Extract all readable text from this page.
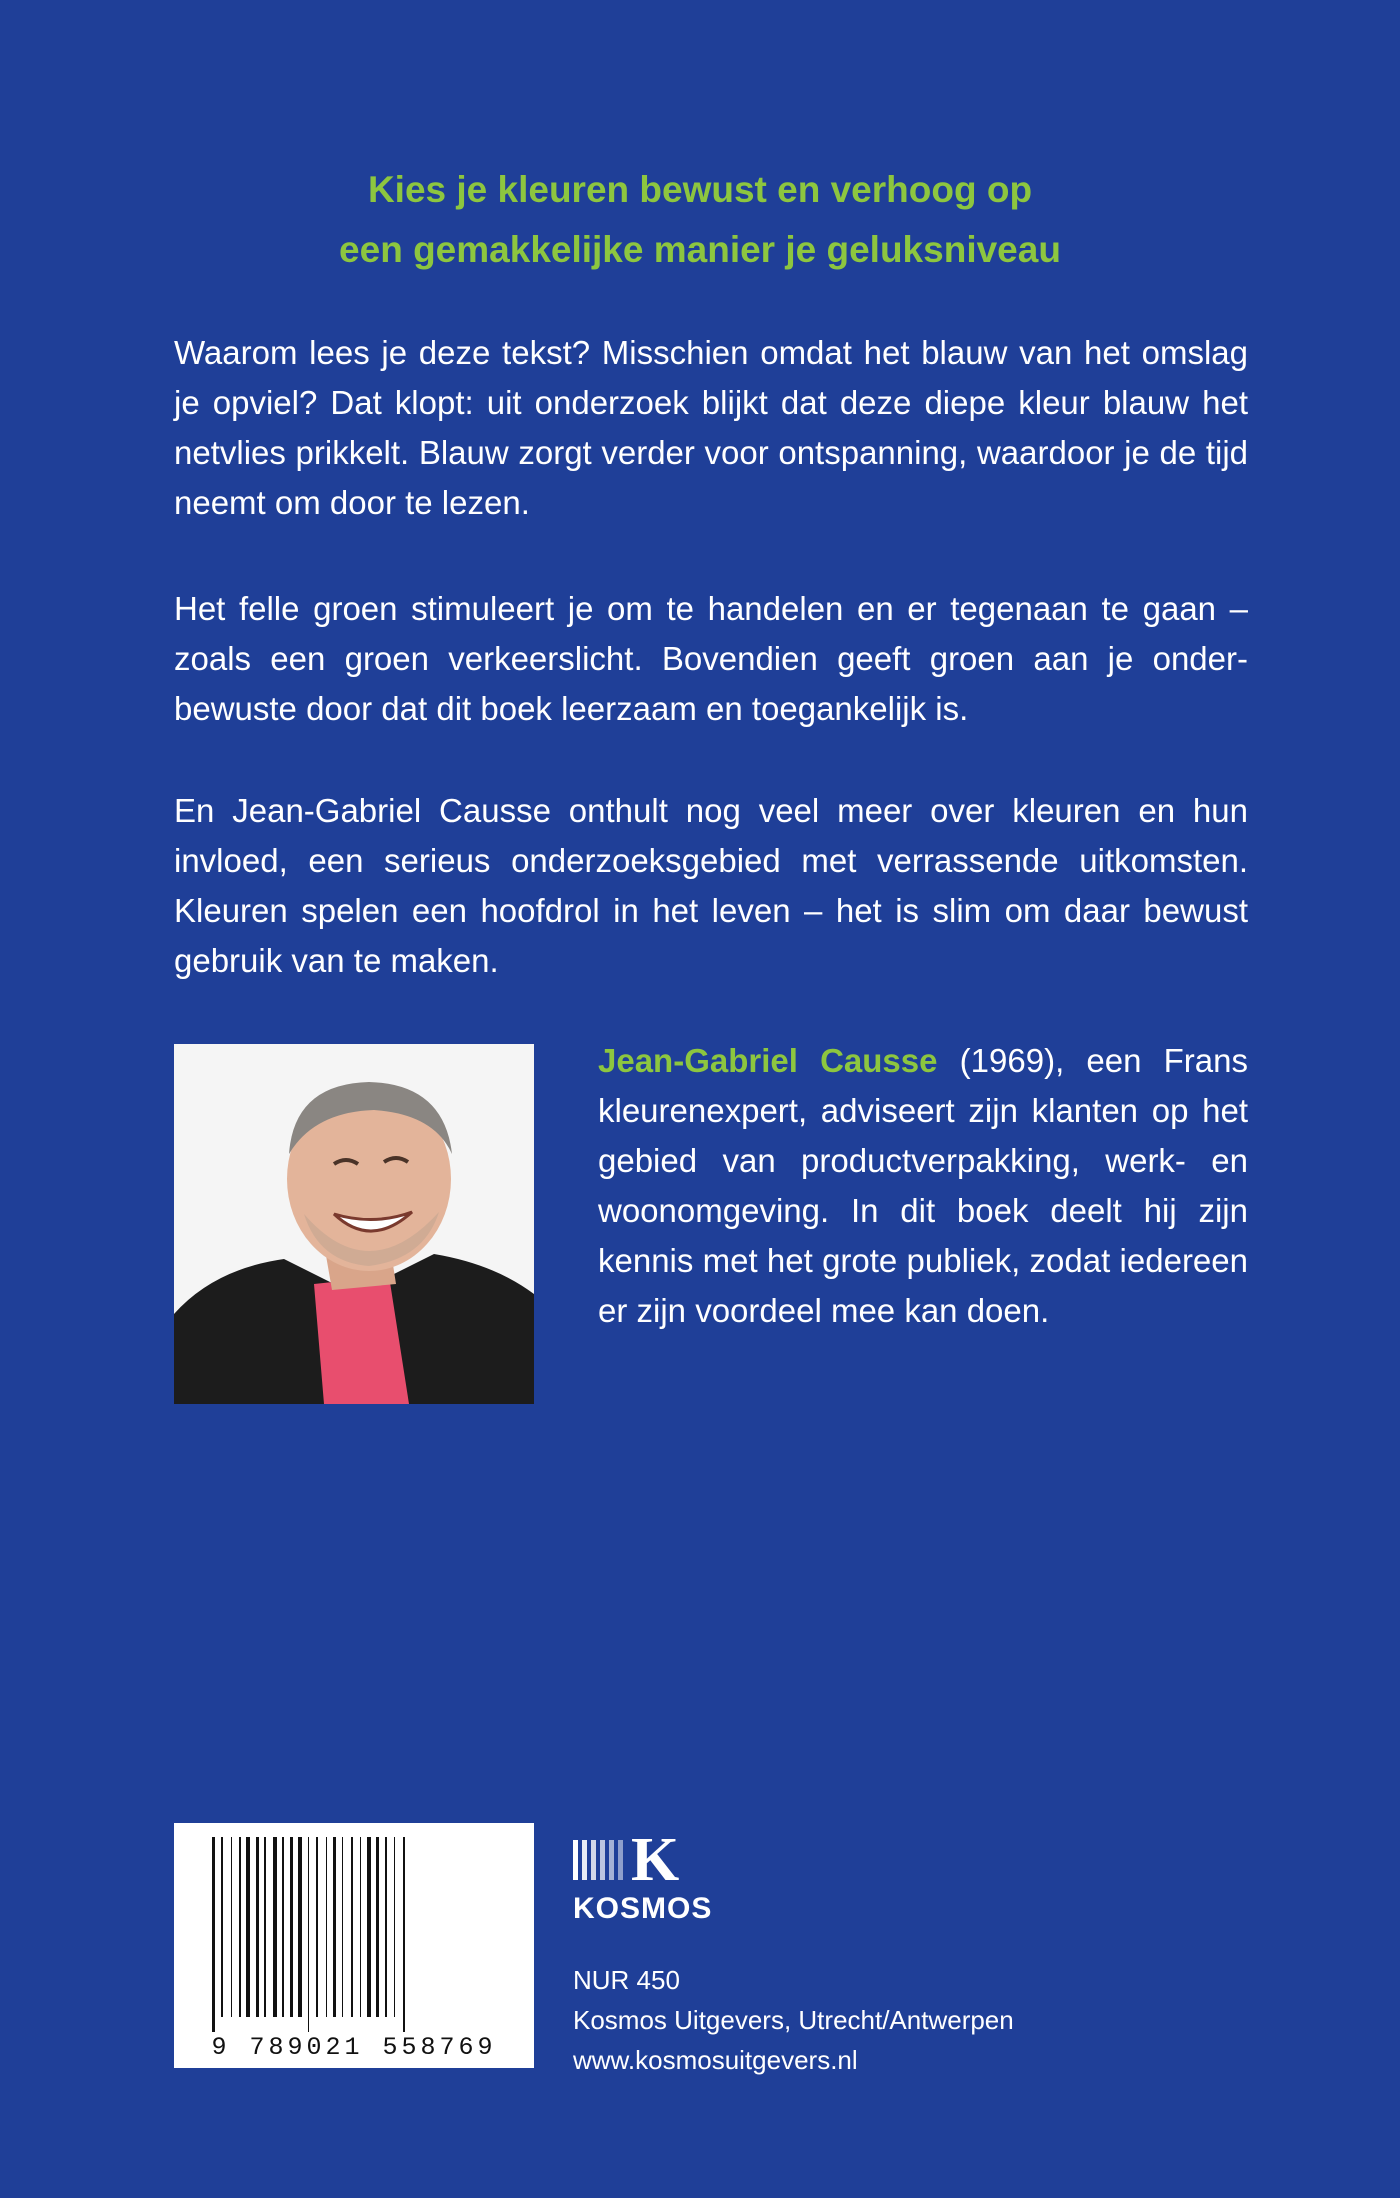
Kies je kleuren bewust en verhoog op
een gemakkelijke manier je geluksniveau

Waarom lees je deze tekst? Misschien omdat het blauw van het omslag je opviel? Dat klopt: uit onderzoek blijkt dat deze diepe kleur blauw het netvlies prikkelt. Blauw zorgt verder voor ontspanning, waardoor je de tijd neemt om door te lezen.

Het felle groen stimuleert je om te handelen en er tegenaan te gaan – zoals een groen verkeerslicht. Bovendien geeft groen aan je onderbewuste door dat dit boek leerzaam en toegankelijk is.

En Jean-Gabriel Causse onthult nog veel meer over kleuren en hun invloed, een serieus onderzoeksgebied met verrassende uitkomsten. Kleuren spelen een hoofdrol in het leven – het is slim om daar bewust gebruik van te maken.

Jean-Gabriel Causse (1969), een Frans kleurenexpert, adviseert zijn klanten op het gebied van productverpakking, werk- en woonomgeving. In dit boek deelt hij zijn kennis met het grote publiek, zodat iedereen er zijn voordeel mee kan doen.

9 789021 558769
K
KOSMOS
NUR 450
Kosmos Uitgevers, Utrecht/Antwerpen
www.kosmosuitgevers.nl
